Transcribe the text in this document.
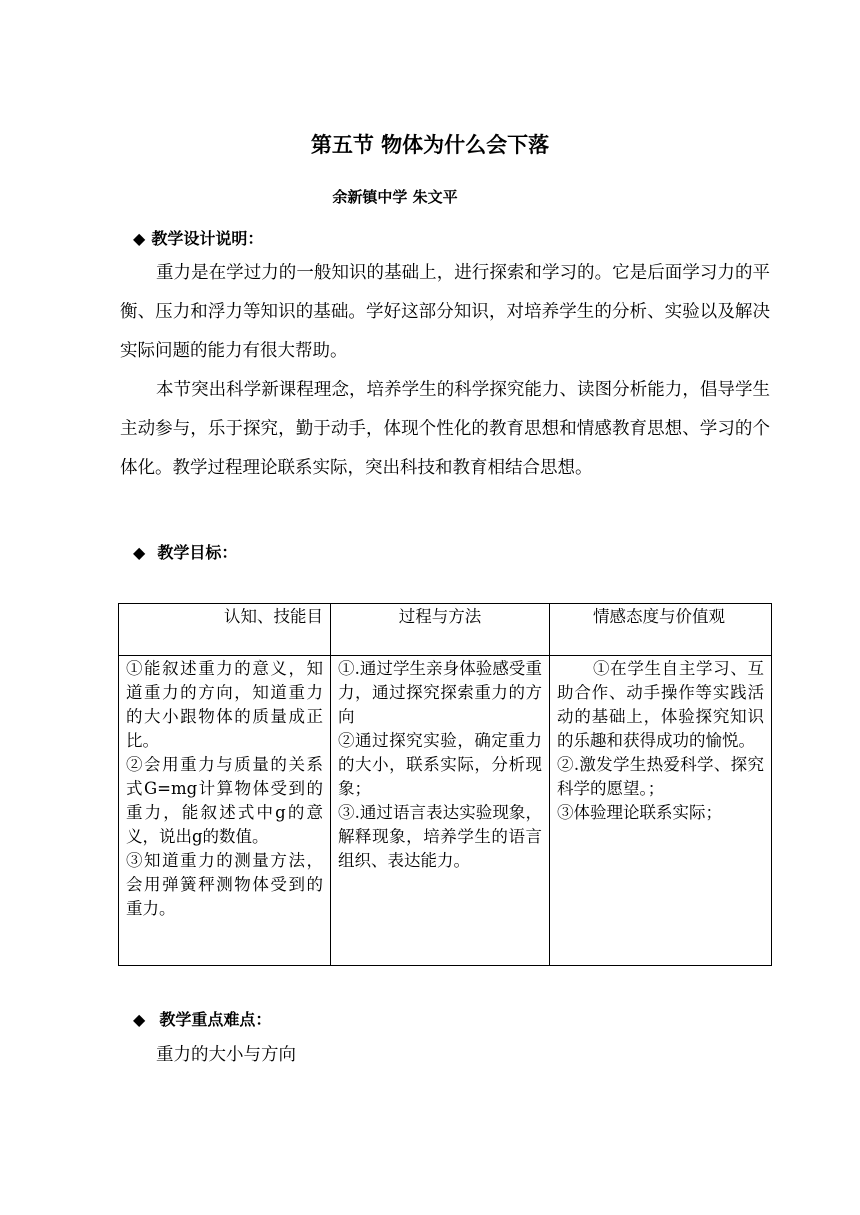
第五节 物体为什么会下落
余新镇中学 朱文平
◆ 教学设计说明：

重力是在学过力的一般知识的基础上，进行探索和学习的。它是后面学习力的平衡、压力和浮力等知识的基础。学好这部分知识，对培养学生的分析、实验以及解决实际问题的能力有很大帮助。

本节突出科学新课程理念，培养学生的科学探究能力、读图分析能力，倡导学生主动参与，乐于探究，勤于动手，体现个性化的教育思想和情感教育思想、学习的个体化。教学过程理论联系实际，突出科技和教育相结合思想。

◆ 教学目标：
认知、技能目	过程与方法	情感态度与价值观

①能叙述重力的意义，知道重力的方向，知道重力的大小跟物体的质量成正比。
②会用重力与质量的关系式G=mg计算物体受到的重力，能叙述式中g的意义，说出g的数值。
③知道重力的测量方法，会用弹簧秤测物体受到的重力。	①.通过学生亲身体验感受重力，通过探究探索重力的方向
②通过探究实验，确定重力的大小，联系实际，分析现象；
③.通过语言表达实验现象，解释现象，培养学生的语言组织、表达能力。	①在学生自主学习、互助合作、动手操作等实践活动的基础上，体验探究知识的乐趣和获得成功的愉悦。
②.激发学生热爱科学、探究科学的愿望。；
③体验理论联系实际；
◆ 教学重点难点：

重力的大小与方向
